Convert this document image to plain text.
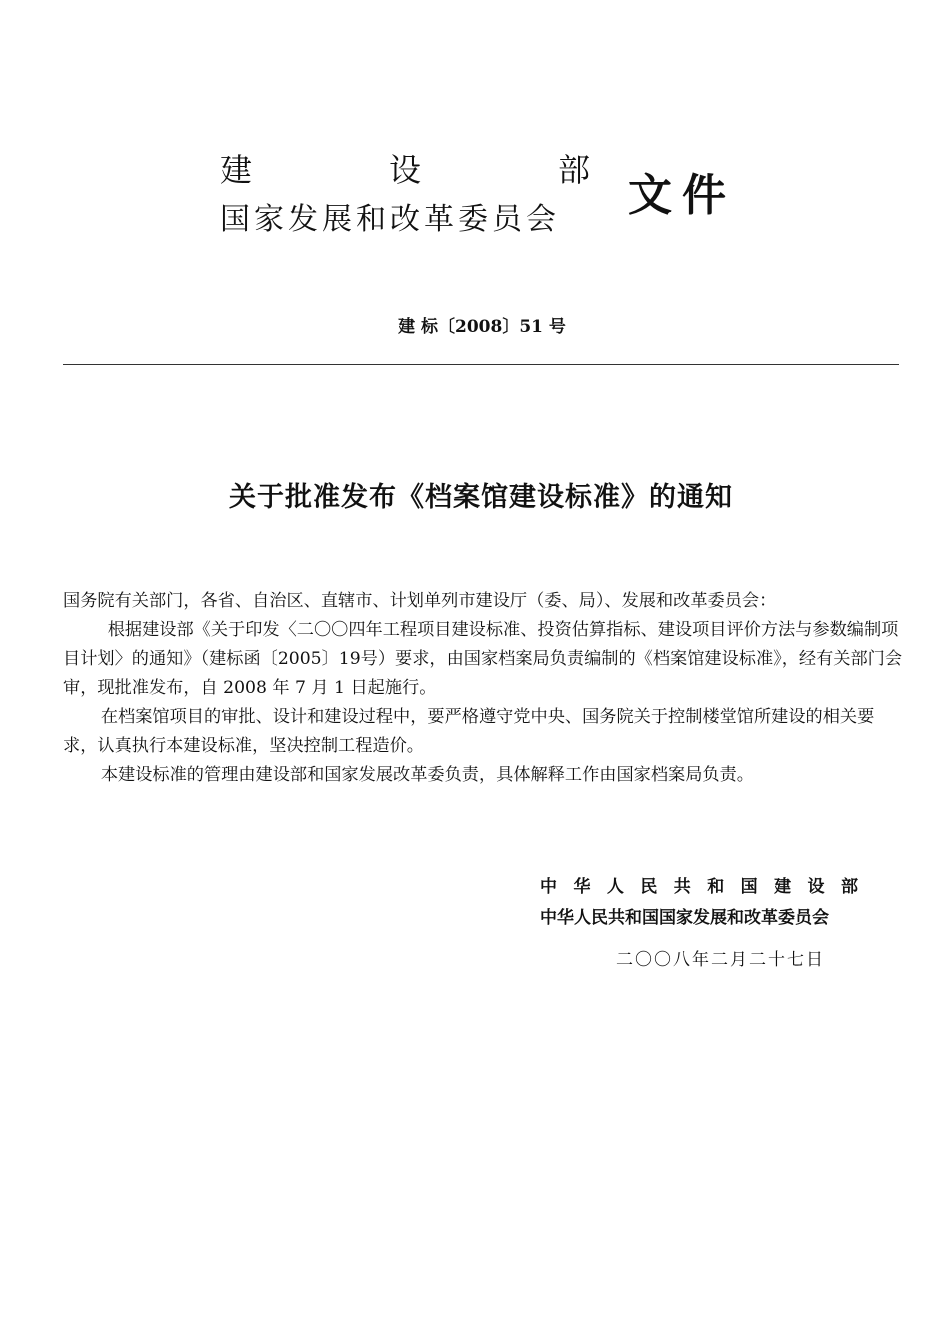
建	设	部
国家发展和改革委员会	文件
建 标〔2008〕51 号
关于批准发布《档案馆建设标准》的通知

国务院有关部门，各省、自治区、直辖市、计划单列市建设厅（委、局）、发展和改革委员会：

根据建设部《关于印发〈二〇〇四年工程项目建设标准、投资估算指标、建设项目评价方法与参数编制项目计划〉的通知》（建标函〔2005〕19号）要求，由国家档案局负责编制的《档案馆建设标准》，经有关部门会审，现批准发布，自 2008 年 7 月 1 日起施行。

在档案馆项目的审批、设计和建设过程中，要严格遵守党中央、国务院关于控制楼堂馆所建设的相关要求，认真执行本建设标准，坚决控制工程造价。

本建设标准的管理由建设部和国家发展改革委负责，具体解释工作由国家档案局负责。

中 华 人 民 共 和 国 建 设 部
中华人民共和国国家发展和改革委员会
二〇〇八年二月二十七日
